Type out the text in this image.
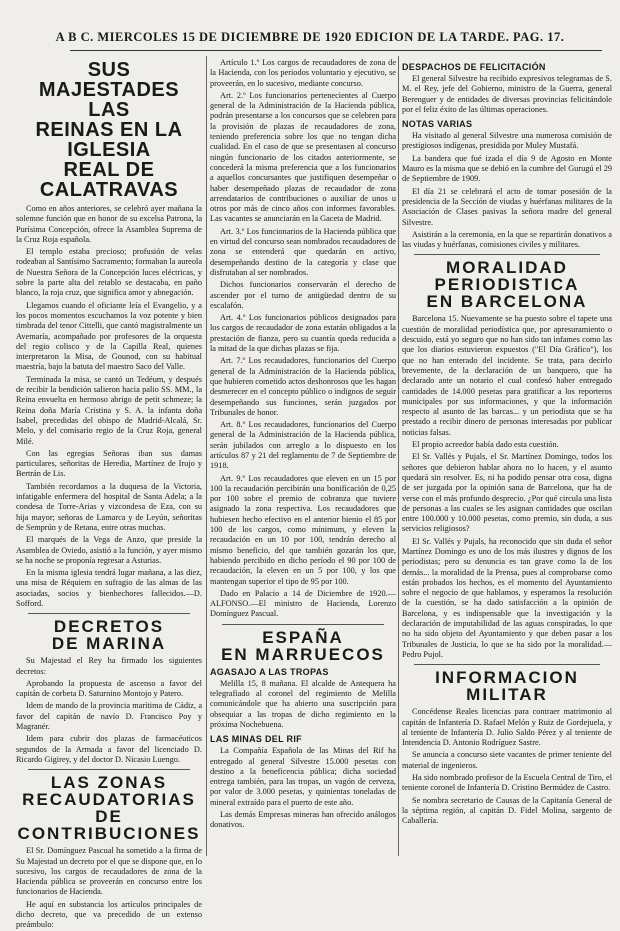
A B C. MIERCOLES 15 DE DICIEMBRE DE 1920 EDICION DE LA TARDE. PAG. 17.
SUS MAJESTADES LAS
REINAS EN LA IGLESIA
REAL DE CALATRAVAS

Como en años anteriores, se celebró ayer mañana la solemne función que en honor de su excelsa Patrona, la Purísima Concepción, ofrece la Asamblea Suprema de la Cruz Roja española.

El templo estaba precioso; profusión de velas rodeaban al Santísimo Sacramento; formaban la aureola de Nuestra Señora de la Concepción luces eléctricas, y sobre la parte alta del retablo se destacaba, en paño blanco, la roja cruz, que significa amor y abnegación.

Llegamos cuando el oficiante leía el Evangelio, y a los pocos momentos escuchamos la voz potente y bien timbrada del tenor Cittelli, que cantó magistralmente un Avemaría, acompañado por profesores de la orquesta del regio colisco y de la Capilla Real, quienes interpretaron la Misa, de Gounod, con su habitual maestría, bajo la batuta del maestro Saco del Valle.

Terminada la misa, se cantó un Tedéum, y después de recibir la bendición salieron hacia palio SS. MM., la Reina envuelta en hermoso abrigo de petit schmeze; la Reina doña María Cristina y S. A. la infanta doña Isabel, precedidas del obispo de Madrid-Alcalá, Sr. Melo, y del comisario regio de la Cruz Roja, general Milé.

Con las egregias Señoras iban sus damas particulares, señoritas de Heredia, Martínez de Irujo y Bertrán de Lis.

También recordamos a la duquesa de la Victoria, infatigable enfermera del hospital de Santa Adela; a la condesa de Torre-Arias y vizcondesa de Eza, con su hija mayor; señoras de Lamarca y de Leyún, señoritas de Semprún y de Retana, entre otras muchas.

El marqués de la Vega de Anzo, que preside la Asamblea de Oviedo, asistió a la función, y ayer mismo se ha noche se proponía regresar a Asturias.

En la misma iglesia tendrá lugar mañana, a las diez, una misa de Réquiem en sufragio de las almas de las asociadas, socios y bienhechores fallecidos.—D. Sofford.

DECRETOS
DE MARINA

Su Majestad el Rey ha firmado los siguientes decretos:

Aprobando la propuesta de ascenso a favor del capitán de corbeta D. Saturnino Montojo y Patero.

Idem de mando de la provincia marítima de Cádiz, a favor del capitán de navío D. Francisco Poy y Magranér.

Idem para cubrir dos plazas de farmacéuticos segundos de la Armada a favor del licenciado D. Ricardo Gigirey, y del doctor D. Nicasio Luengo.

LAS ZONAS
RECAUDATORIAS
DE CONTRIBUCIONES

El Sr. Domínguez Pascual ha sometido a la firma de Su Majestad un decreto por el que se dispone que, en lo sucesivo, los cargos de recaudadores de zona de la Hacienda pública se proveerán en concurso entre los funcionarios de Hacienda.

He aquí en substancia los artículos principales de dicho decreto, que va precedido de un extenso preámbulo:

Artículo 1.º Los cargos de recaudadores de zona de la Hacienda, con los periodos voluntario y ejecutivo, se proveerán, en lo sucesivo, mediante concurso.

Art. 2.º Los funcionarios pertenecientes al Cuerpo general de la Administración de la Hacienda pública, podrán presentarse a los concursos que se celebren para la provisión de plazas de recaudadores de zona, teniendo preferencia sobre los que no tengan dicha cualidad. En el caso de que se presentasen al concurso ningún funcionario de los citados anteriormente, se concederá la misma preferencia que a los funcionarios a aquellos concursantes que justifiquen desempeñar o haber desempeñado plazas de recaudador de zona arrendatarios de contribuciones o auxiliar de unos u otros por más de cinco años con informes favorables. Las vacantes se anunciarán en la Gaceta de Madrid.

Art. 3.º Los funcionarios de la Hacienda pública que en virtud del concurso sean nombrados recaudadores de zona se entenderá que quedarán en activo, desempeñando destino de la categoría y clase que disfrutaban al ser nombrados.

Dichos funcionarios conservarán el derecho de ascender por el turno de antigüedad dentro de su escalafón.

Art. 4.º Los funcionarios públicos designados para los cargos de recaudador de zona estarán obligados a la prestación de fianza, pero su cuantía queda reducida a la mitad de la que dichas plazas se fija.

Art. 7.º Los recaudadores, funcionarios del Cuerpo general de la Administración de la Hacienda pública, que hubieren cometido actos deshonrosos que les hagan desmerecer en el concepto público o indignos de seguir desempeñando sus funciones, serán juzgados por Tribunales de honor.

Art. 8.º Los recaudadores, funcionarios del Cuerpo general de la Administración de la Hacienda pública, serán jubilados con arreglo a lo dispuesto en los artículos 87 y 21 del reglamento de 7 de Septiembre de 1918.

Art. 9.º Los recaudadores que eleven en un 15 por 100 la recaudación percibirán una bonificación de 0,25 por 100 sobre el premio de cobranza que tuviere asignado la zona respectiva. Los recaudadores que hubiesen hecho efectivo en el anterior bienio el 85 por 100 de los cargos, como mínimum, y eleven la recaudación en un 10 por 100, tendrán derecho al mismo beneficio, del que también gozarán los que, habiendo percibido en dicho período el 90 por 100 de recaudación, la eleven en un 5 por 100, y los que mantengan superior el tipo de 95 por 100.

Dado en Palacio a 14 de Diciembre de 1920.—ALFONSO.—El ministro de Hacienda, Lorenzo Domínguez Pascual.

ESPAÑA
EN MARRUECOS
AGASAJO A LAS TROPAS

Melilla 15, 8 mañana. El alcalde de Antequera ha telegrafiado al coronel del regimiento de Melilla comunicándole que ha abierto una suscripción para obsequiar a las tropas de dicho regimiento en la próxima Nochebuena.

LAS MINAS DEL RIF

La Compañía Española de las Minas del Rif ha entregado al general Silvestre 15.000 pesetas con destino a la beneficencia pública; dicha sociedad entrega también, para las tropas, un vagón de cerveza, por valor de 3.000 pesetas, y quinientas toneladas de mineral extraído para el puerto de este año.

Las demás Empresas mineras han ofrecido análogos donativos.

DESPACHOS DE FELICITACIÓN

El general Silvestre ha recibido expresivos telegramas de S. M. el Rey, jefe del Gobierno, ministro de la Guerra, general Berenguer y de entidades de diversas provincias felicitándole por el feliz éxito de las últimas operaciones.

NOTAS VARIAS

Ha visitado al general Silvestre una numerosa comisión de prestigiosos indígenas, presidida por Muley Mustafá.

La bandera que fué izada el día 9 de Agosto en Monte Mauro es la misma que se debió en la cumbre del Gurugú el 29 de Septiembre de 1909.

El día 21 se celebrará el acto de tomar posesión de la presidencia de la Sección de viudas y huérfanas militares de la Asociación de Clases pasivas la señora madre del general Silvestre.

Asistirán a la ceremonia, en la que se repartirán donativos a las viudas y huérfanas, comisiones civiles y militares.

MORALIDAD
PERIODISTICA
EN BARCELONA

Barcelona 15. Nuevamente se ha puesto sobre el tapete una cuestión de moralidad periodística que, por apresuramiento o descuido, está yo seguro que no han sido tan infames como las que los diarios estuvieron expuestos ("El Día Gráfico"), los que no han enterado del incidente. Se trata, para decirlo brevemente, de la declaración de un banquero, que ha declarado ante un notario el cual confesó haber entregado cantidades de 14.000 pesetas para gratificar a los reporteros municipales por sus informaciones, y que la información respecto al asunto de las barcas... y un periodista que se ha prestado a recibir dinero de personas interesadas por publicar noticias falsas.

El propio acreedor había dado esta cuestión.

El Sr. Vallés y Pujals, el Sr. Martínez Domingo, todos los señores que debieron hablar ahora no lo hacen, y el asunto quedará sin resolver. Es, ni ha podido pensar otra cosa, digna de ser juzgada por la opinión sana de Barcelona, que ha de verse con el más profundo desprecio. ¿Por qué circula una lista de personas a las cuales se les asignan cantidades que oscilan entre 100.000 y 10.000 pesetas, como premio, sin duda, a sus servicios religiosos?

El Sr. Vallés y Pujals, ha reconocido que sin duda el señor Martínez Domingo es uno de los más ilustres y dignos de los periodistas; pero su denuncia es tan grave como la de los demás... la moralidad de la Prensa, pues al comprobarse como están probados los hechos, es el momento del Ayuntamiento sobre el negocio de que hablamos, y esperamos la resolución de la cuestión, se ha dado satisfacción a la opinión de Barcelona, y es indispensable que la investigación y la declaración de imputabilidad de las aguas conspiradas, lo que no ha sido objeto del Ayuntamiento y que deben pasar a los Tribunales de Justicia, lo que se ha sido por la moralidad.—Pedro Pujol.

INFORMACION
MILITAR

Concédense Reales licencias para contraer matrimonio al capitán de Infantería D. Rafael Melón y Ruiz de Gordejuela, y al teniente de Infantería D. Julio Saldo Pérez y al teniente de Intendencia D. Antonio Rodríguez Sastre.

Se anuncia a concurso siete vacantes de primer teniente del material de ingenieros.

Ha sido nombrado profesor de la Escuela Central de Tiro, el teniente coronel de Infantería D. Cristino Bermúdez de Castro.

Se nombra secretario de Causas de la Capitanía General de la séptima región, al capitán D. Fidel Molina, sargento de Caballería.
